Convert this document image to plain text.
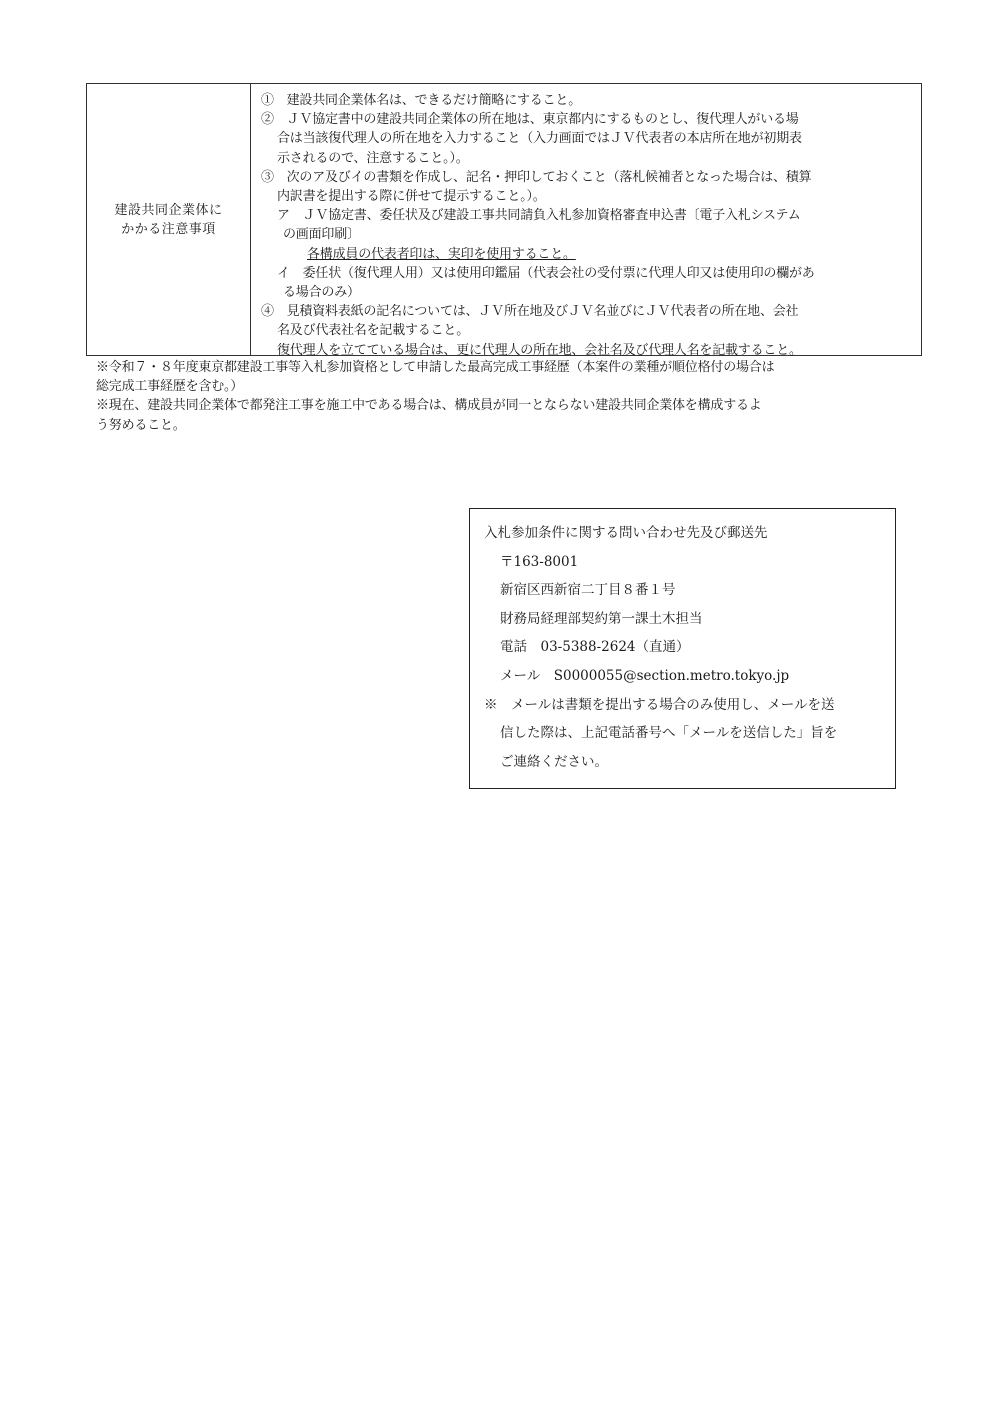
建設共同企業体に
かかる注意事項
①　建設共同企業体名は、できるだけ簡略にすること。
②　ＪＶ協定書中の建設共同企業体の所在地は、東京都内にするものとし、復代理人がいる場
合は当該復代理人の所在地を入力すること（入力画面ではＪＶ代表者の本店所在地が初期表
示されるので、注意すること。）。
③　次のア及びイの書類を作成し、記名・押印しておくこと（落札候補者となった場合は、積算
内訳書を提出する際に併せて提示すること。）。
ア　ＪＶ協定書、委任状及び建設工事共同請負入札参加資格審査申込書〔電子入札システム
の画面印刷〕
各構成員の代表者印は、実印を使用すること。
イ　委任状（復代理人用）又は使用印鑑届（代表会社の受付票に代理人印又は使用印の欄があ
る場合のみ）
④　見積資料表紙の記名については、ＪＶ所在地及びＪＶ名並びにＪＶ代表者の所在地、会社
名及び代表社名を記載すること。
復代理人を立てている場合は、更に代理人の所在地、会社名及び代理人名を記載すること。
※令和７・８年度東京都建設工事等入札参加資格として申請した最高完成工事経歴（本案件の業種が順位格付の場合は
総完成工事経歴を含む。）
※現在、建設共同企業体で都発注工事を施工中である場合は、構成員が同一とならない建設共同企業体を構成するよ
う努めること。
入札参加条件に関する問い合わせ先及び郵送先
〒163-8001
新宿区西新宿二丁目８番１号
財務局経理部契約第一課土木担当
電話　03-5388-2624（直通）
メール　S0000055@section.metro.tokyo.jp
※　メールは書類を提出する場合のみ使用し、メールを送
信した際は、上記電話番号へ「メールを送信した」旨を
ご連絡ください。
